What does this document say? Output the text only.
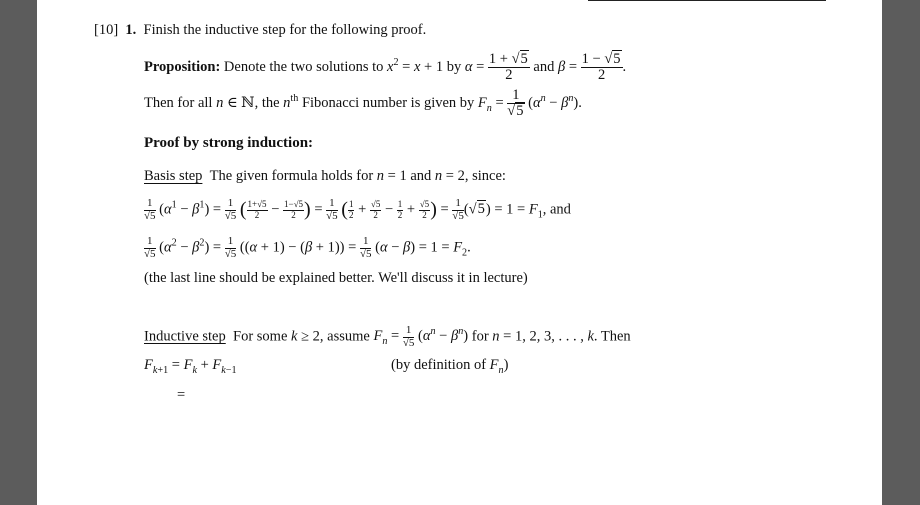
[10] 1. Finish the inductive step for the following proof.
Proposition: Denote the two solutions to $x^2 = x + 1$ by $\alpha = \frac{1 + √5}{2}$ and $\beta = \frac{1 - √5}{2}$ .
Then for all n ∈ ℕ, the $n^{th}$ Fibonacci number is given by $F_n = \frac{1}{√5} (\alpha^n - \beta^n)$.
Proof by strong induction:
Basis step The given formula holds for n = 1 and n = 2, since:
$\frac{1}{√5} (\alpha^1 - \beta^1) = \frac{1}{√5}$ ( $\frac{1+√5}{2} - \frac{1-√5}{2}$ ) = $\frac{1}{√5}$ ( $\frac{1}{2} + \frac{√5}{2} - \frac{1}{2} + \frac{√5}{2}$ ) = $\frac{1}{√5} (√5) = 1 = F_1$, and
$\frac{1}{√5} (\alpha^2 - \beta^2) = \frac{1}{√5} ((\alpha + 1) - (\beta + 1)) = \frac{1}{√5} (\alpha - \beta) = 1 = F_2$.
(the last line should be explained better. We'll discuss it in lecture)
Inductive step For some k ≥ 2, assume $F_n = \frac{1}{√5} (\alpha^n - \beta^n)$ for n = 1, 2, 3, . . . , k. Then
$F_{k+1} = F_k + F_{k-1}$	(by definition of $F_n$)
=
